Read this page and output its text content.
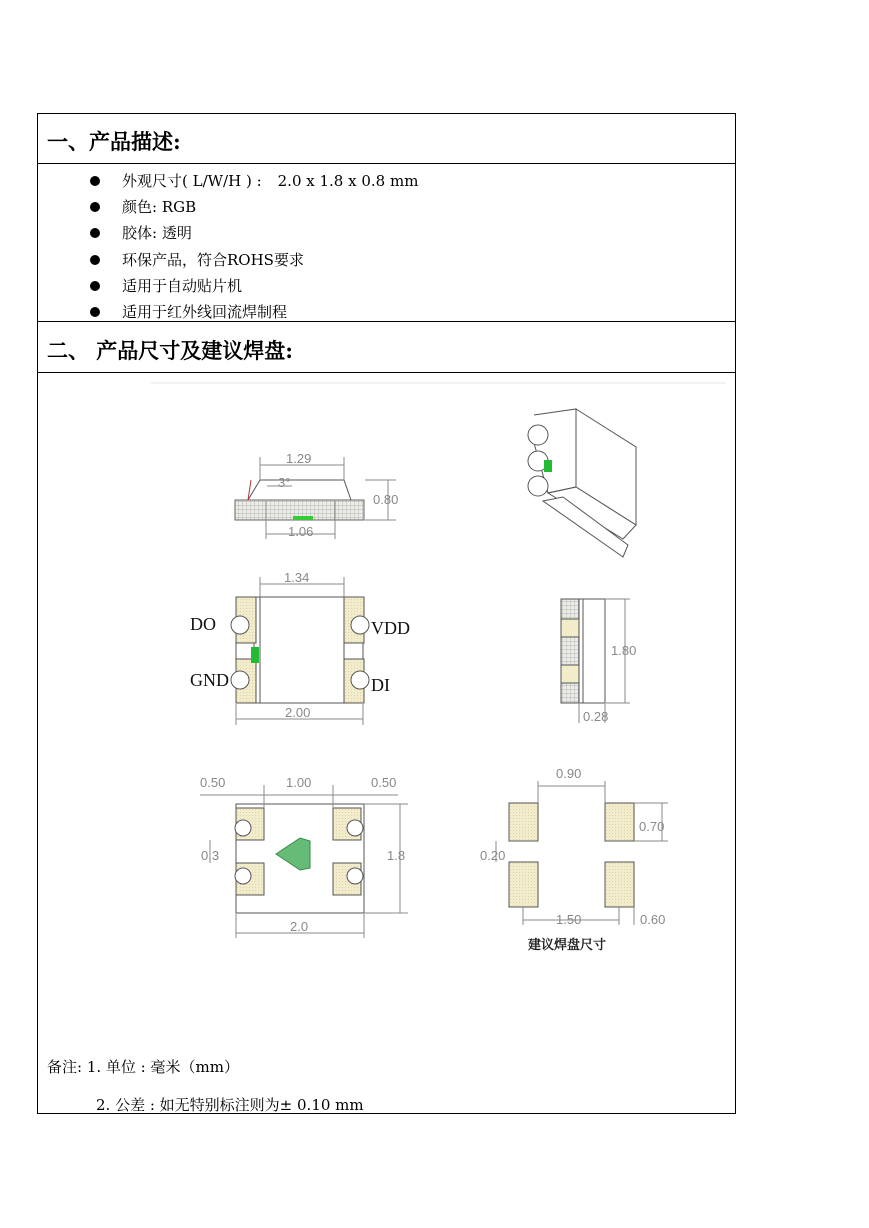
一、产品描述:
外观尺寸( L/W/H ) : 2.0 x 1.8 x 0.8 mm
颜色: RGB
胶体: 透明
环保产品，符合ROHS要求
适用于自动贴片机
适用于红外线回流焊制程
二、 产品尺寸及建议焊盘:
1.29
3°
0.80
1.06
1.34
2.00
DO	VDD
GND	DI
1.80
0.28
0.50	1.00	0.50
0.3	1.8
2.0
0.90
0.70
0.20
1.50	0.60
建议焊盘尺寸
备注: 1. 单位 : 毫米（mm）
2. 公差 : 如无特别标注则为± 0.10 mm
